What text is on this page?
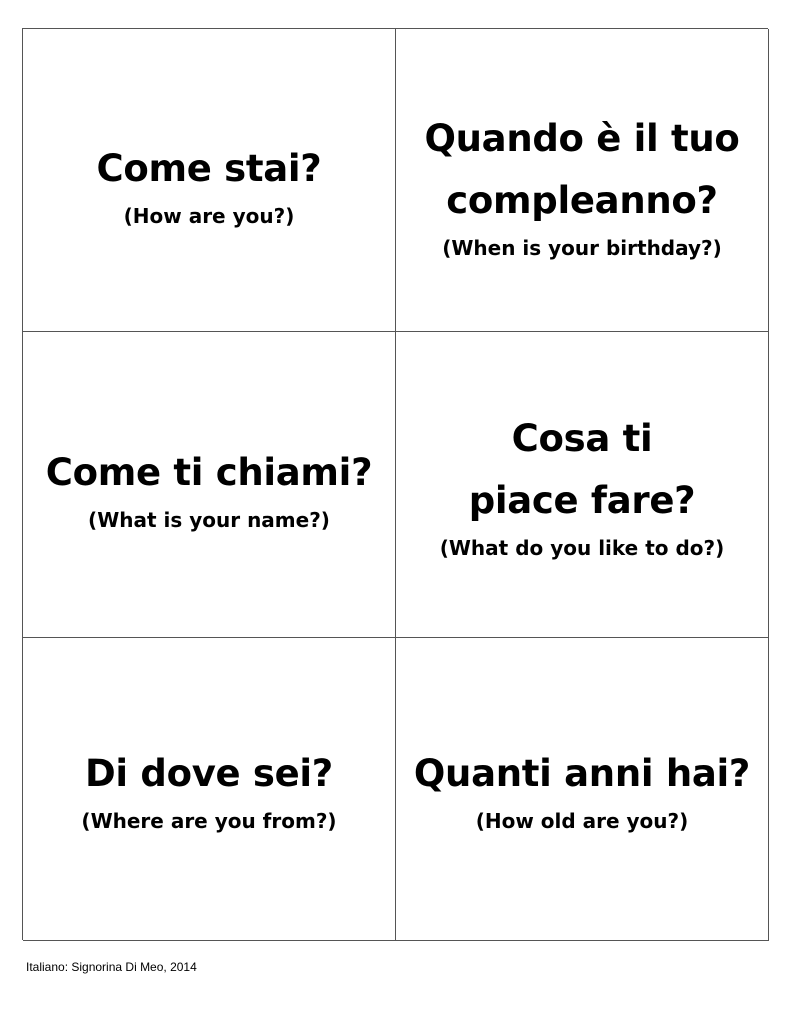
Come stai?

(How are you?)

Quando è il tuo
compleanno?

(When is your birthday?)

Come ti chiami?

(What is your name?)

Cosa ti
piace fare?

(What do you like to do?)

Di dove sei?

(Where are you from?)

Quanti anni hai?

(How old are you?)

Italiano: Signorina Di Meo, 2014
